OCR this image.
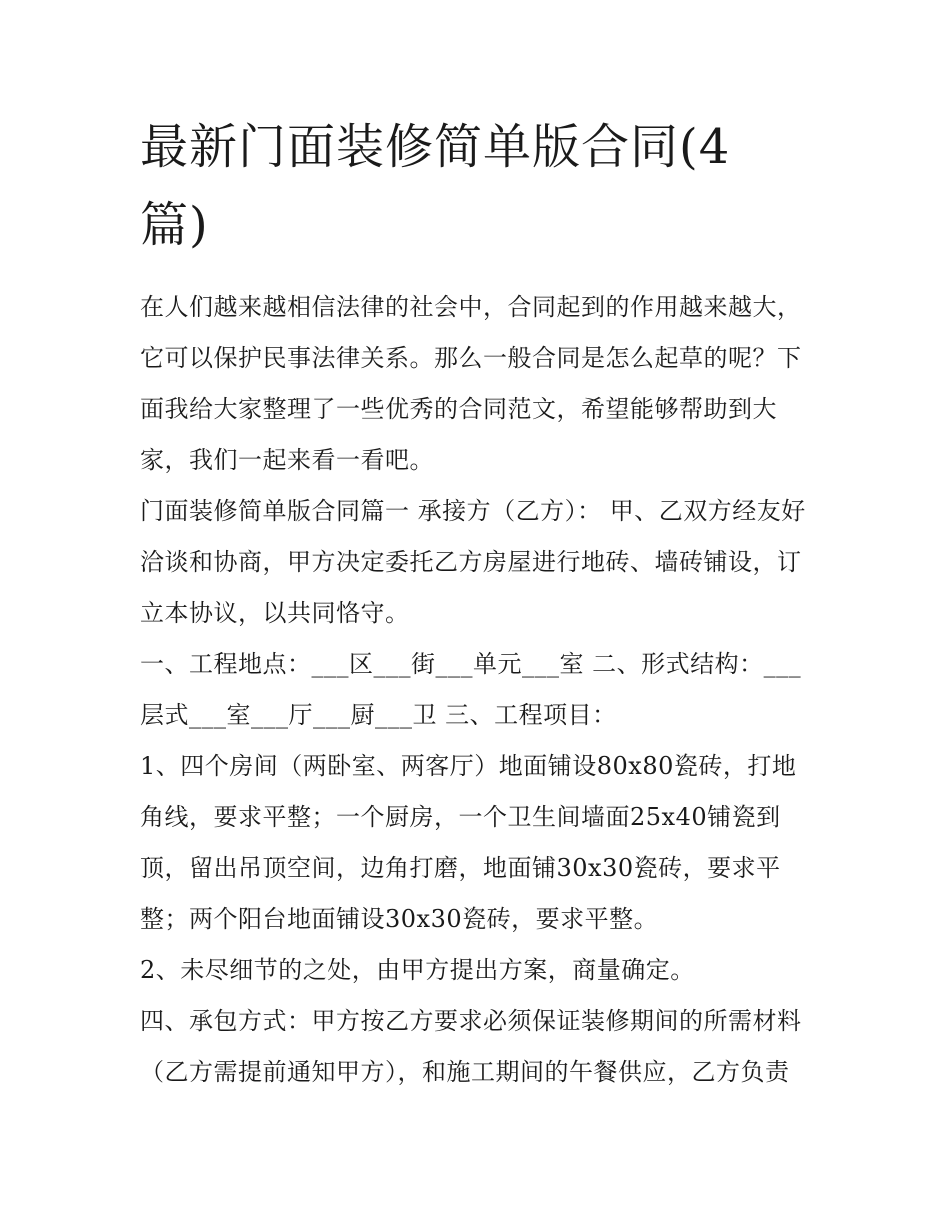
最新门面装修简单版合同(4篇)

在人们越来越相信法律的社会中，合同起到的作用越来越大，它可以保护民事法律关系。那么一般合同是怎么起草的呢？下面我给大家整理了一些优秀的合同范文，希望能够帮助到大家，我们一起来看一看吧。

门面装修简单版合同篇一 承接方（乙方）： 甲、乙双方经友好洽谈和协商，甲方决定委托乙方房屋进行地砖、墙砖铺设，订立本协议，以共同恪守。

一、工程地点：___区___街___单元___室 二、形式结构：___层式___室___厅___厨___卫 三、工程项目：

1、四个房间（两卧室、两客厅）地面铺设80x80瓷砖，打地角线，要求平整；一个厨房，一个卫生间墙面25x40铺瓷到顶，留出吊顶空间，边角打磨，地面铺30x30瓷砖，要求平整；两个阳台地面铺设30x30瓷砖，要求平整。

2、未尽细节的之处，由甲方提出方案，商量确定。

四、承包方式：甲方按乙方要求必须保证装修期间的所需材料（乙方需提前通知甲方），和施工期间的午餐供应，乙方负责
